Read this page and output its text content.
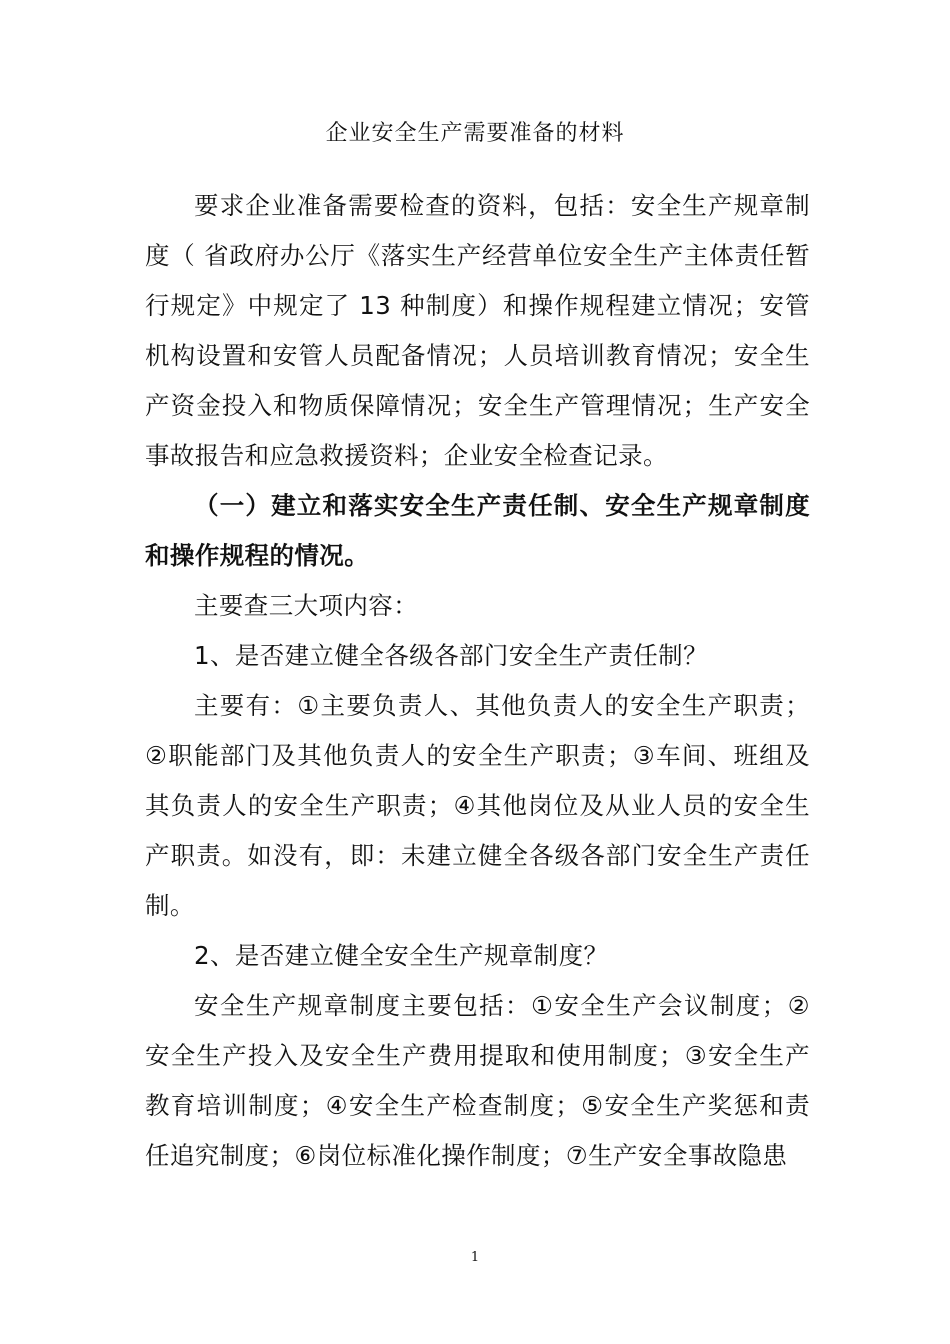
企业安全生产需要准备的材料

要求企业准备需要检查的资料，包括：安全生产规章制度（ 省政府办公厅《落实生产经营单位安全生产主体责任暂行规定》中规定了 13 种制度）和操作规程建立情况；安管机构设置和安管人员配备情况；人员培训教育情况；安全生产资金投入和物质保障情况；安全生产管理情况；生产安全事故报告和应急救援资料；企业安全检查记录。

（一）建立和落实安全生产责任制、安全生产规章制度和操作规程的情况。

主要查三大项内容：

1、是否建立健全各级各部门安全生产责任制？

主要有：①主要负责人、其他负责人的安全生产职责；②职能部门及其他负责人的安全生产职责；③车间、班组及其负责人的安全生产职责；④其他岗位及从业人员的安全生产职责。如没有，即：未建立健全各级各部门安全生产责任制。

2、是否建立健全安全生产规章制度？

安全生产规章制度主要包括：①安全生产会议制度；②安全生产投入及安全生产费用提取和使用制度；③安全生产教育培训制度；④安全生产检查制度；⑤安全生产奖惩和责任追究制度；⑥岗位标准化操作制度；⑦生产安全事故隐患

1
